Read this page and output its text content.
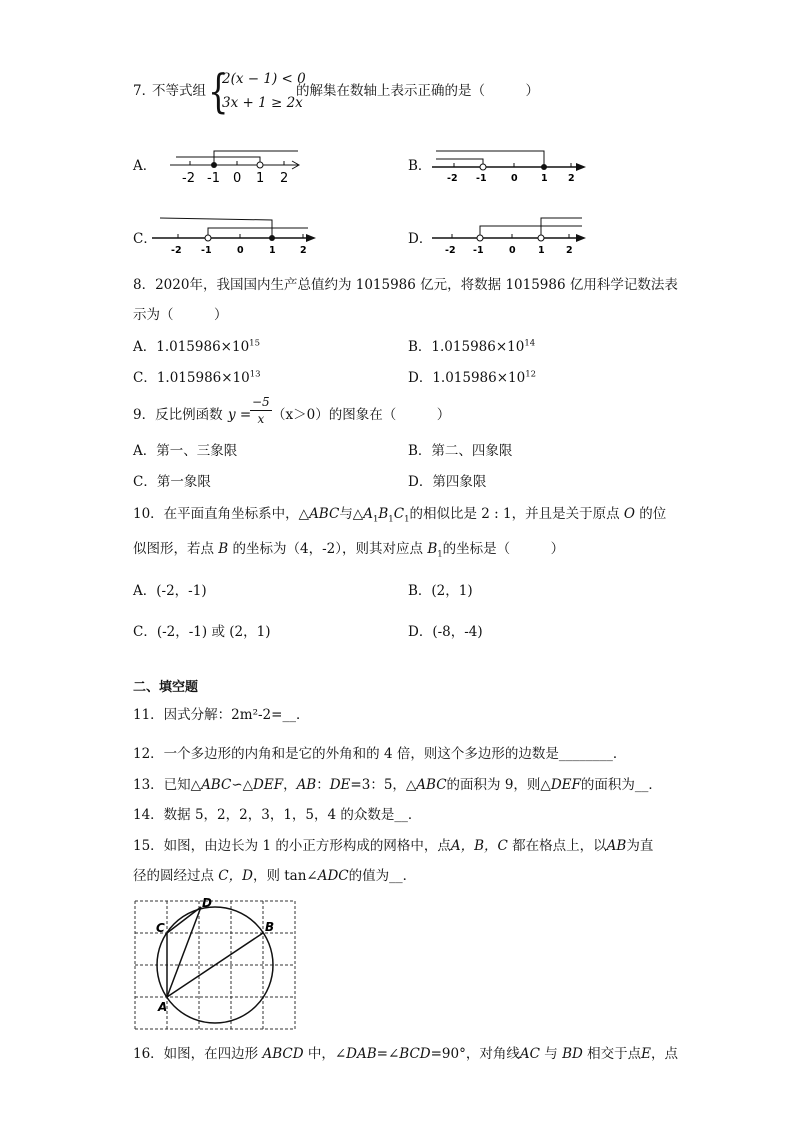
7．
不等式组 {
2(x − 1) < 0
3x + 1 ≥ 2x
的解集在数轴上表示正确的是（　　　）
A．
-2 -1 0 1 2
B．
-2 -1	0 1 2
C．
-2 -1	0	1	2
D．
-2 -1	0 1 2
8．2020年，我国国内生产总值约为 1015986 亿元，将数据 1015986 亿用科学记数法表
示为（　　　）
A．$1.015986\times 10^{15}$	B．$1.015986\times 10^{14}$
C．$1.015986\times 10^{13}$	D．$1.015986\times 10^{12}$
9．反比例函数 y =
$\frac{-5}{x} (x>0)$的图象在（　　　）
A．第一、三象限	B．第二、四象限
C．第一象限	D．第四象限
10．在平面直角坐标系中，△ABC与$\triangle A_1B_1C_1$的相似比是 2 : 1，并且是关于原点 O 的位
似图形，若点 B 的坐标为（4，-2），则其对应点 $B_1$的坐标是（　　　）
A．(-2，-1)	B．(2，1)
C．(-2，-1) 或 (2，1)	D．(-8，-4)
二、填空题
11．因式分解：2m²-2=__．
12．一个多边形的内角和是它的外角和的 4 倍，则这个多边形的边数是________．
13．已知△ABC∽△DEF，AB：DE=3：5，△ABC的面积为 9，则△DEF的面积为__．
14．数据 5，2，2，3，1，5，4 的众数是__．
15．如图，由边长为 1 的小正方形构成的网格中，点A，B，C 都在格点上，以AB为直
径的圆经过点 C，D，则 tan∠ADC的值为__．
A
B
C
D
16．如图，在四边形 ABCD 中，∠DAB=∠BCD=90°，对角线AC 与 BD 相交于点E，点
